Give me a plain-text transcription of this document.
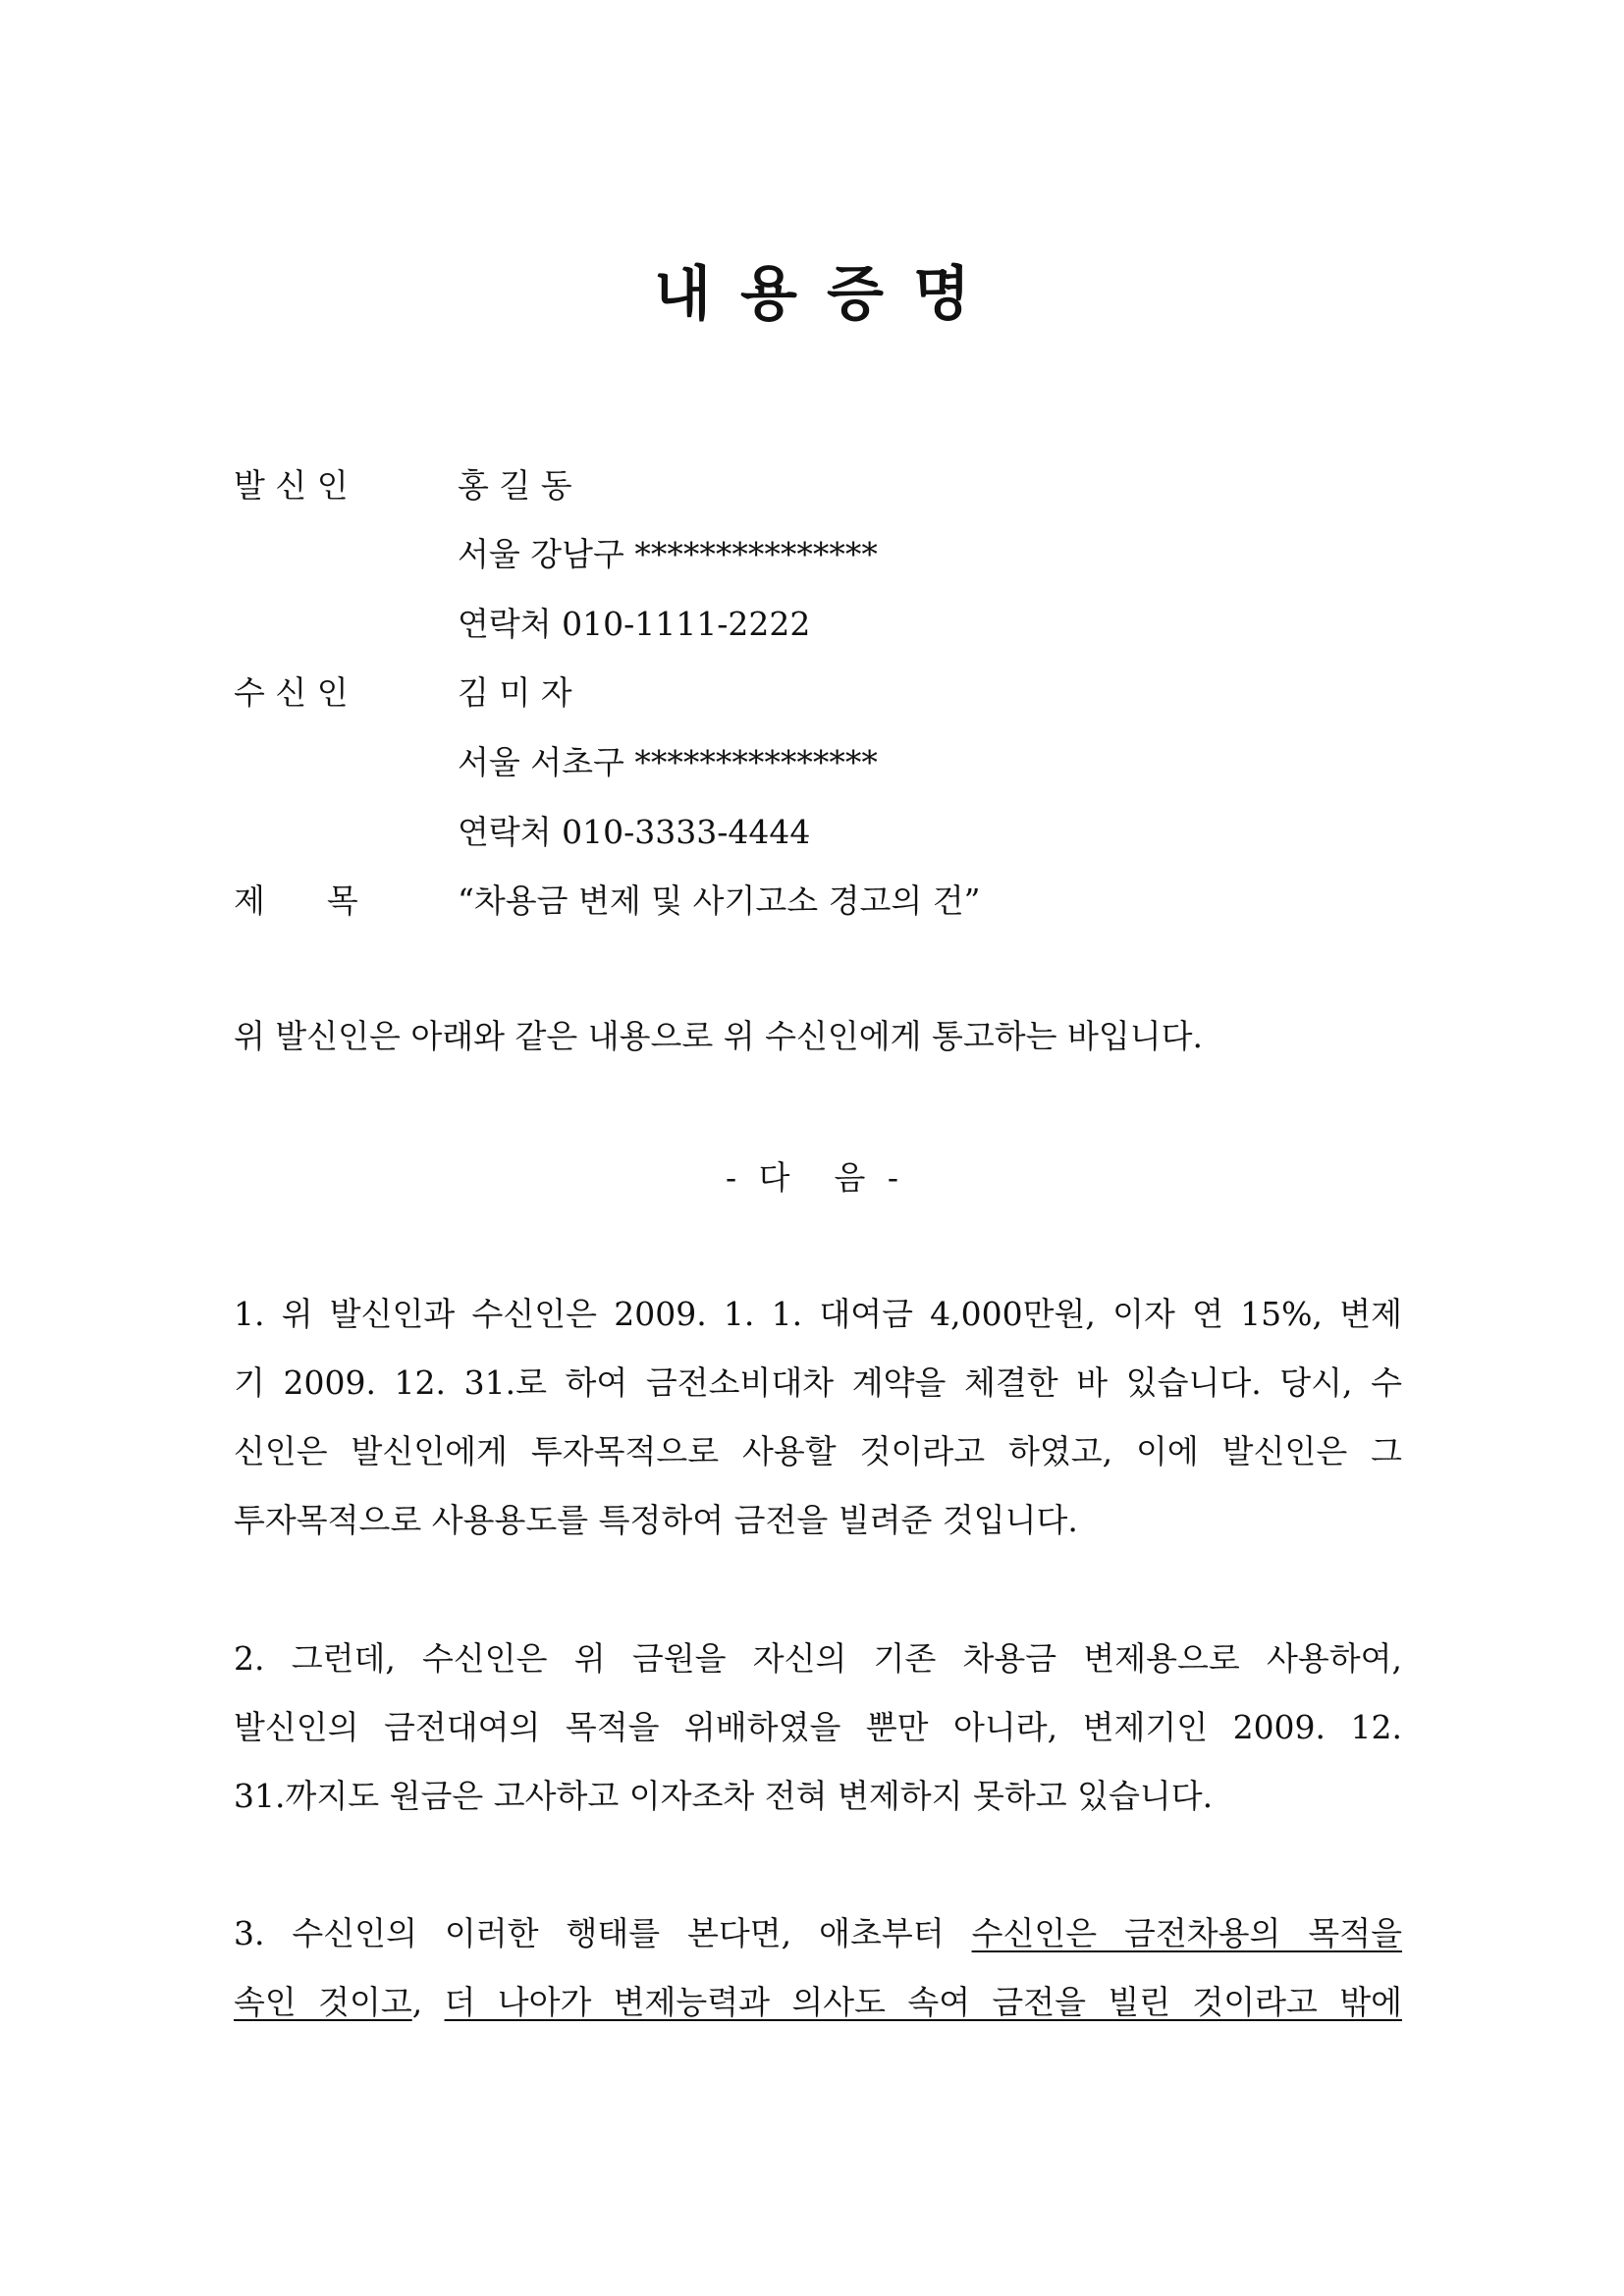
내용증명
발 신 인	홍 길 동
서울 강남구 ***************
연락처 010-1111-2222
수 신 인	김 미 자
서울 서초구 ***************
연락처 010-3333-4444
제      목	“차용금 변제 및 사기고소 경고의 건”
위 발신인은 아래와 같은 내용으로 위 수신인에게 통고하는 바입니다.
- 다  음 -
1. 위 발신인과 수신인은 2009. 1. 1. 대여금 4,000만원, 이자 연 15%, 변제
기 2009. 12. 31.로 하여 금전소비대차 계약을 체결한 바 있습니다. 당시, 수
신인은 발신인에게 투자목적으로 사용할 것이라고 하였고, 이에 발신인은 그
투자목적으로 사용용도를 특정하여 금전을 빌려준 것입니다.
2. 그런데, 수신인은 위 금원을 자신의 기존 차용금 변제용으로 사용하여,
발신인의 금전대여의 목적을 위배하였을 뿐만 아니라, 변제기인 2009. 12.
31.까지도 원금은 고사하고 이자조차 전혀 변제하지 못하고 있습니다.
3. 수신인의 이러한 행태를 본다면, 애초부터 수신인은 금전차용의 목적을
속인 것이고, 더 나아가 변제능력과 의사도 속여 금전을 빌린 것이라고 밖에
